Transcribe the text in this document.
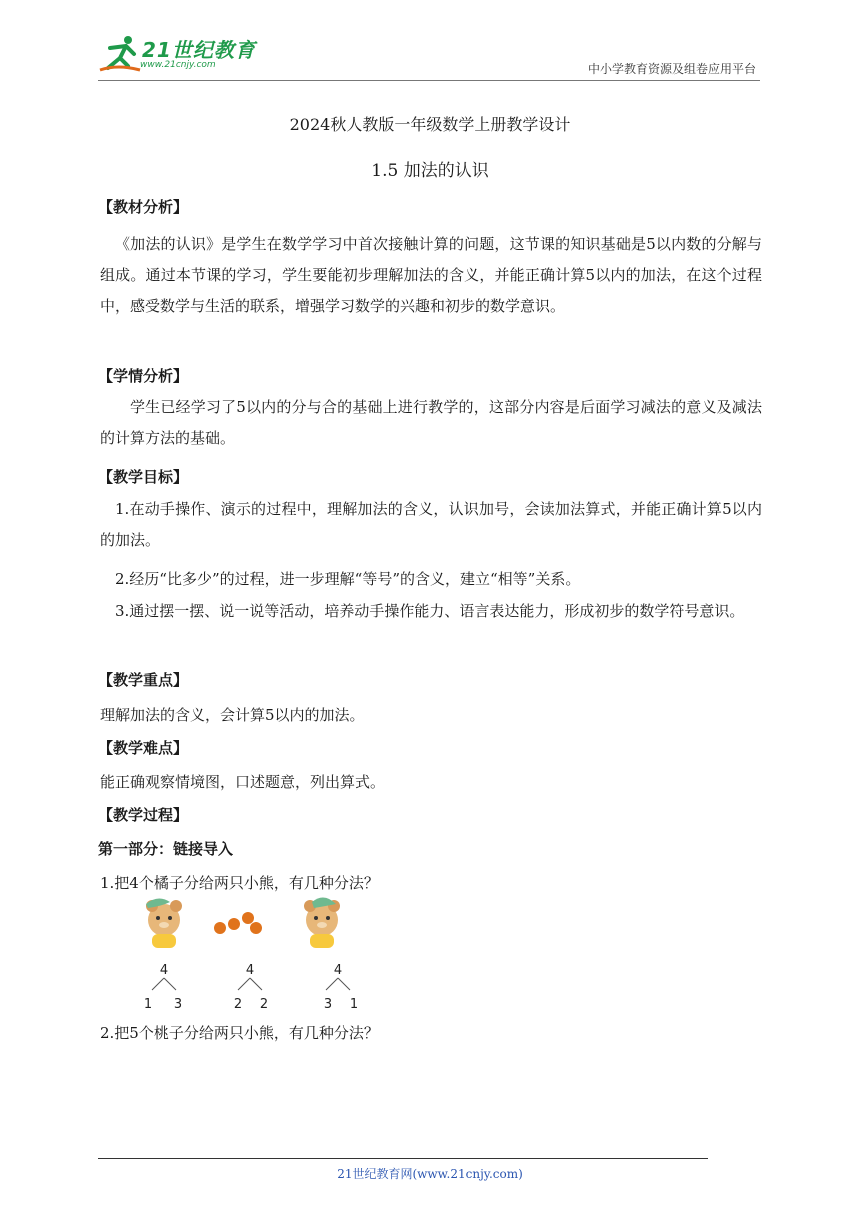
21世纪教育
www.21cnjy.com	中小学教育资源及组卷应用平台
2024秋人教版一年级数学上册教学设计
1.5 加法的认识
【教材分析】
《加法的认识》是学生在数学学习中首次接触计算的问题，这节课的知识基础是5以内数的分解与组成。通过本节课的学习，学生要能初步理解加法的含义，并能正确计算5以内的加法，在这个过程中，感受数学与生活的联系，增强学习数学的兴趣和初步的数学意识。
【学情分析】
学生已经学习了5以内的分与合的基础上进行教学的，这部分内容是后面学习减法的意义及减法的计算方法的基础。
【教学目标】
1.在动手操作、演示的过程中，理解加法的含义，认识加号，会读加法算式，并能正确计算5以内的加法。
2.经历“比多少”的过程，进一步理解“等号”的含义，建立“相等”关系。
3.通过摆一摆、说一说等活动，培养动手操作能力、语言表达能力，形成初步的数学符号意识。
【教学重点】
理解加法的含义，会计算5以内的加法。
【教学难点】
能正确观察情境图，口述题意，列出算式。
【教学过程】
第一部分：链接导入
1.把4个橘子分给两只小熊，有几种分法？
4
1 3
4
2 2
4
3 1
2.把5个桃子分给两只小熊，有几种分法？
21世纪教育网(www.21cnjy.com)
